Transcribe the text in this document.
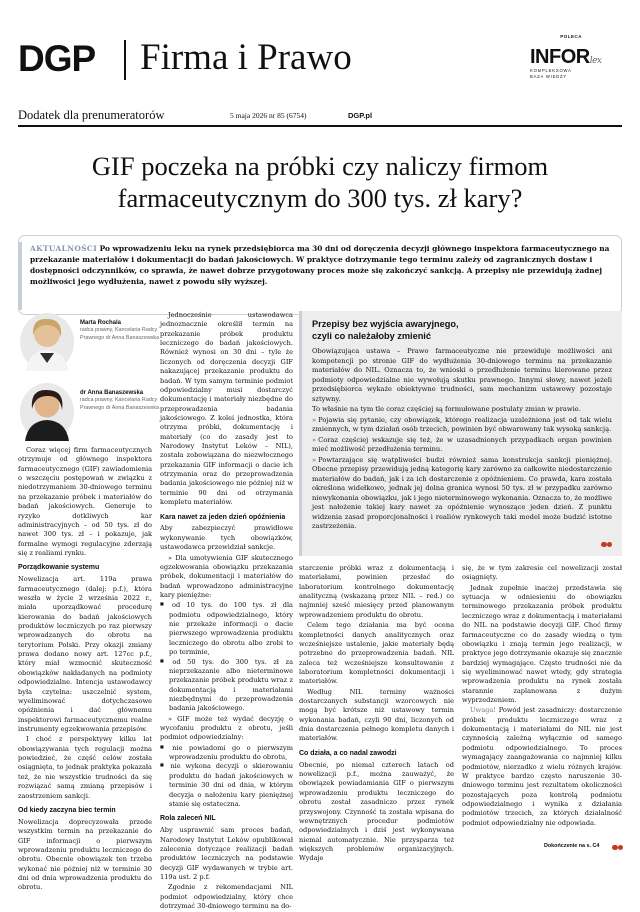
DGP Firma i Prawo
POLECA
INFORlex
KOMPLEKSOWA
BAZA WIEDZY
Dodatek dla prenumeratorów	5 maja 2026 nr 85 (6754)	DGP.pl
GIF poczeka na próbki czy naliczy firmom
farmaceutycznym do 300 tys. zł kary?
AKTUALNOŚCI Po wprowadzeniu leku na rynek przedsiębiorca ma 30 dni od doręczenia decyzji głównego inspektora farmaceutycznego na przekazanie materiałów i dokumentacji do badań jakościowych. W praktyce dotrzymanie tego terminu zależy od zagranicznych dostaw i dostępności odczynników, co sprawia, że nawet dobrze przygotowany proces może się zakończyć sankcją. A przepisy nie przewidują żadnej możliwości jego wydłużenia, nawet z powodu siły wyższej.
Marta Rochala
radca prawny, Kancelaria Radcy Prawnego dr Anna Banaszewska
dr Anna Banaszewska
radca prawny, Kancelaria Radcy Prawnego dr Anna Banaszewska

Coraz więcej firm farmaceutycznych otrzymuje od głównego inspektora farmaceutycznego (GIF) zawiadomienia o wszczęciu postępowań w związku z niedotrzymaniem 30-dniowego terminu na przekazanie próbek i materiałów do badań jakościowych. Generuje to ryzyko dotkliwych kar administracyjnych – od 50 tys. zł do nawet 300 tys. zł – i pokazuje, jak formalne wymogi regulacyjne zderzają się z realiami rynku.

Porządkowanie systemu

Nowelizacja art. 119a prawa farmaceutycznego (dalej: p.f.), która weszła w życie 2 września 2022 r., miała uporządkować procedurę kierowania do badań jakościowych produktów leczniczych po raz pierwszy wprowadzanych do obrotu na terytorium Polski. Przy okazji zmiany prawa dodano nowy art. 127cc p.f., który miał wzmocnić skuteczność obowiązków nakładanych na podmioty odpowiedzialne. Intencja ustawodawcy była czytelna: uszczelnić system, wyeliminować dotychczasowe opóźnienia i dać głównemu inspektorowi farmaceutycznemu realne instrumenty egzekwowania przepisów.

I choć z perspektywy kilku lat obowiązywania tych regulacji można powiedzieć, że część celów została osiągnięta, to jednak praktyka pokazała też, że nie wszystkie trudności da się rozwiązać samą zmianą przepisów i zaostrzeniem sankcji.

Od kiedy zaczyna biec termin

Nowelizacja doprecyzowała przede wszystkim termin na przekazanie do GIF informacji o pierwszym wprowadzeniu produktu leczniczego do obrotu. Obecnie obowiązek ten trzeba wykonać nie później niż w terminie 30 dni od dnia wprowadzenia produktu do obrotu.

Jednocześnie ustawodawca jednoznacznie określił termin na przekazanie próbek produktu leczniczego do badań jakościowych. Również wynosi on 30 dni – tyle że liczonych od doręczenia decyzji GIF nakazującej przekazanie produktu do badań. W tym samym terminie podmiot odpowiedzialny musi dostarczyć dokumentację i materiały niezbędne do przeprowadzenia badania jakościowego. Z kolei jednostka, która otrzyma próbki, dokumentację i materiały (co do zasady jest to Narodowy Instytut Leków – NIL), została zobowiązana do niezwłocznego przekazania GIF informacji o dacie ich otrzymania oraz do przeprowadzenia badania jakościowego nie później niż w terminie 90 dni od otrzymania kompletu materiałów.

Kara nawet za jeden dzień opóźnienia

Aby zabezpieczyć prawidłowe wykonywanie tych obowiązków, ustawodawca przewidział sankcje.

» Dla umotywienia GIF skutecznego egzekwowania obowiązku przekazania próbek, dokumentacji i materiałów do badań wprowadzono administracyjne kary pieniężne:

■ od 10 tys. do 100 tys. zł dla podmiotu odpowiedzialnego, który nie przekaże informacji o dacie pierwszego wprowadzenia produktu leczniczego do obrotu albo zrobi to po terminie,
■ od 50 tys. do 300 tys. zł za nieprzekazanie albo nieterminowe przekazanie próbek produktu wraz z dokumentacją i materiałami niezbędnymi do przeprowadzenia badania jakościowego.

» GIF może też wydać decyzję o wycofaniu produktu z obrotu, jeśli podmiot odpowiedzialny:

■ nie powiadomi go o pierwszym wprowadzeniu produktu do obrotu,
■ nie wykona decyzji o skierowaniu produktu do badań jakościowych w terminie 30 dni od dnia, w którym decyzja o nałożeniu kary pieniężnej stanie się ostateczna.
Rola zaleceń NIL

Aby usprawnić sam proces badań, Narodowy Instytut Leków opublikował zalecenia dotyczące realizacji badań produktów leczniczych na podstawie decyzji GIF wydawanych w trybie art. 119a ust. 2 p.f.

Zgodnie z rekomendacjami NIL podmiot odpowiedzialny, który chce dotrzymać 30-dniowego terminu na do-

Przepisy bez wyjścia awaryjnego,
czyli co należałoby zmienić

Obowiązująca ustawa – Prawo farmaceutyczne nie przewiduje możliwości ani kompetencji po stronie GIF do wydłużenia 30-dniowego terminu na przekazanie materiałów do NIL. Oznacza to, że wnioski o przedłużenie terminu kierowane przez podmioty odpowiedzialne nie wywołują skutku prawnego. Innymi słowy, nawet jeżeli przedsiębiorca wykaże obiektywne trudności, sam mechanizm ustawowy pozostaje sztywny.

To właśnie na tym tle coraz częściej są formułowane postulaty zmian w prawie.

» Pojawia się pytanie, czy obowiązek, którego realizacja uzależniona jest od tak wielu zmiennych, w tym działań osób trzecich, powinien być obwarowany tak wysoką sankcją.

» Coraz częściej wskazuje się też, że w uzasadnionych przypadkach organ powinien mieć możliwość przedłużenia terminu.

» Powtarzające się wątpliwości budzi również sama konstrukcja sankcji pieniężnej. Obecne przepisy przewidują jedną kategorię kary zarówno za całkowite niedostarczenie materiałów do badań, jak i za ich dostarczenie z opóźnieniem. Co prawda, kara została określona widełkowo, jednak jej dolna granica wynosi 50 tys. zł w przypadku zarówno niewykonania obowiązku, jak i jego nieterminowego wykonania. Oznacza to, że możliwe jest nałożenie takiej kary nawet za opóźnienie wynoszące jeden dzień. Z punktu widzenia zasad proporcjonalności i realiów rynkowych taki model może budzić istotne zastrzeżenia.

starczenie próbki wraz z dokumentacją i materiałami, powinien przesłać do laboratorium kontrolnego dokumentację analityczną (wskazaną przez NIL – red.) co najmniej sześć miesięcy przed planowanym wprowadzeniem produktu do obrotu.

Celem tego działania ma być ocena kompletności danych analitycznych oraz wcześniejsze ustalenie, jakie materiały będą potrzebne do przeprowadzenia badań. NIL zaleca też wcześniejsze konsultowanie z laboratorium kompletności dokumentacji i materiałów.

Według NIL terminy ważności dostarczanych substancji wzorcowych nie mogą być krótsze niż ustawowy termin wykonania badań, czyli 90 dni, liczonych od dnia dostarczenia pełnego kompletu danych i materiałów.

Co działa, a co nadal zawodzi

Obecnie, po niemal czterech latach od nowelizacji p.f., można zauważyć, że obowiązek powiadamiania GIF o pierwszym wprowadzeniu produktu leczniczego do obrotu został zasadniczo przez rynek przyswojony. Czynność ta została wpisana do wewnętrznych procedur podmiotów odpowiedzialnych i dziś jest wykonywana niemal automatycznie. Nie przysparza też większych problemów organizacyjnych. Wydaje

się, że w tym zakresie cel nowelizacji został osiągnięty.

Jednak zupełnie inaczej przedstawia się sytuacja w odniesieniu do obowiązku terminowego przekazania próbek produktu leczniczego wraz z dokumentacją i materiałami do NIL na podstawie decyzji GIF. Choć firmy farmaceutyczne co do zasady wiedzą o tym obowiązku i znają termin jego realizacji, w praktyce jego dotrzymanie okazuje się znacznie bardziej wymagające. Często trudności nie da się wyeliminować nawet wtedy, gdy strategia wprowadzenia produktu na rynek została starannie zaplanowana z dużym wyprzedzeniem.

Uwaga! Powód jest zasadniczy: dostarczenie próbek produktu leczniczego wraz z dokumentacją i materiałami do NIL nie jest czynnością zależną wyłącznie od samego podmiotu odpowiedzialnego. To proces wymagający zaangażowania co najmniej kilku podmiotów, nierzadko z wielu różnych krajów. W praktyce bardzo często naruszenie 30-dniowego terminu jest rezultatem okoliczności pozostających poza kontrolą podmiotu odpowiedzialnego i wynika z działania podmiotów trzecich, za których działalność podmiot odpowiedzialny nie odpowiada.

Dokończenie na s. C4
